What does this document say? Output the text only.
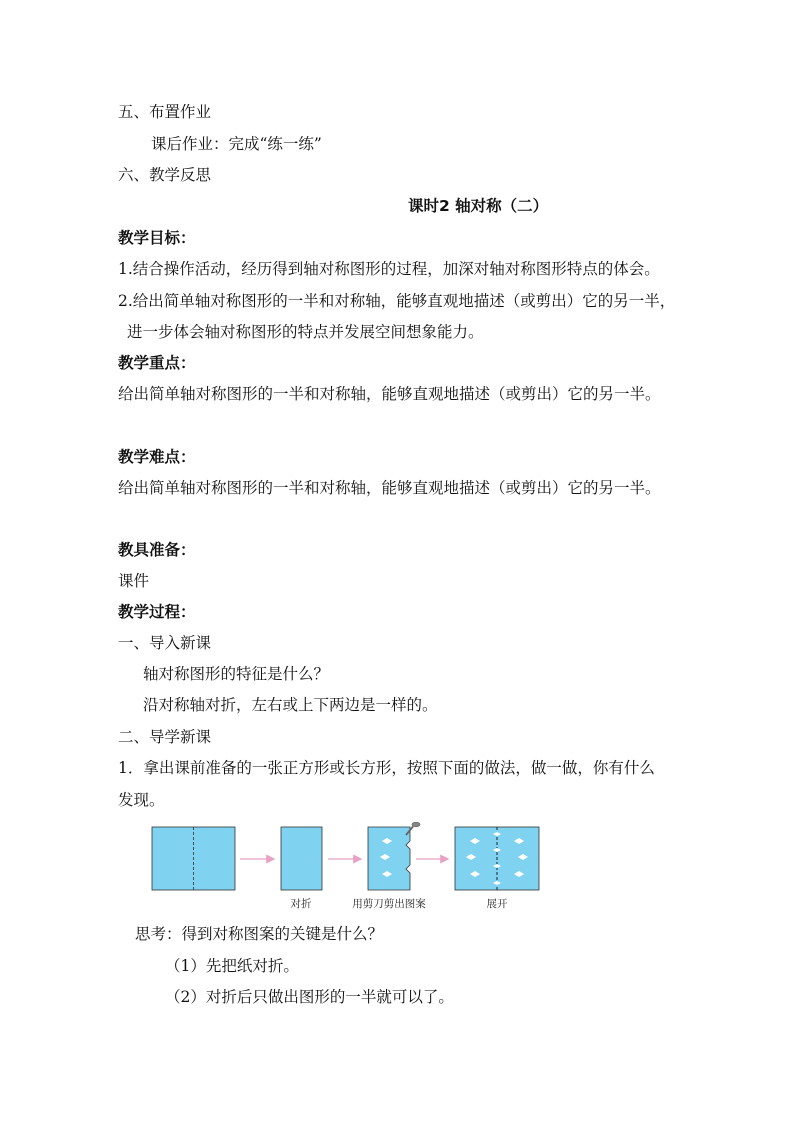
五、布置作业
课后作业：完成“练一练”
六、教学反思
课时2 轴对称（二）
教学目标：
1.结合操作活动，经历得到轴对称图形的过程，加深对轴对称图形特点的体会。
2.给出简单轴对称图形的一半和对称轴，能够直观地描述（或剪出）它的另一半，
进一步体会轴对称图形的特点并发展空间想象能力。
教学重点：
给出简单轴对称图形的一半和对称轴，能够直观地描述（或剪出）它的另一半。
教学难点：
给出简单轴对称图形的一半和对称轴，能够直观地描述（或剪出）它的另一半。
教具准备：
课件
教学过程：
一、导入新课
轴对称图形的特征是什么？
沿对称轴对折，左右或上下两边是一样的。
二、导学新课
1．拿出课前准备的一张正方形或长方形，按照下面的做法，做一做，你有什么
发现。
对折	用剪刀剪出图案	展开
思考：得到对称图案的关键是什么？
（1）先把纸对折。
（2）对折后只做出图形的一半就可以了。
